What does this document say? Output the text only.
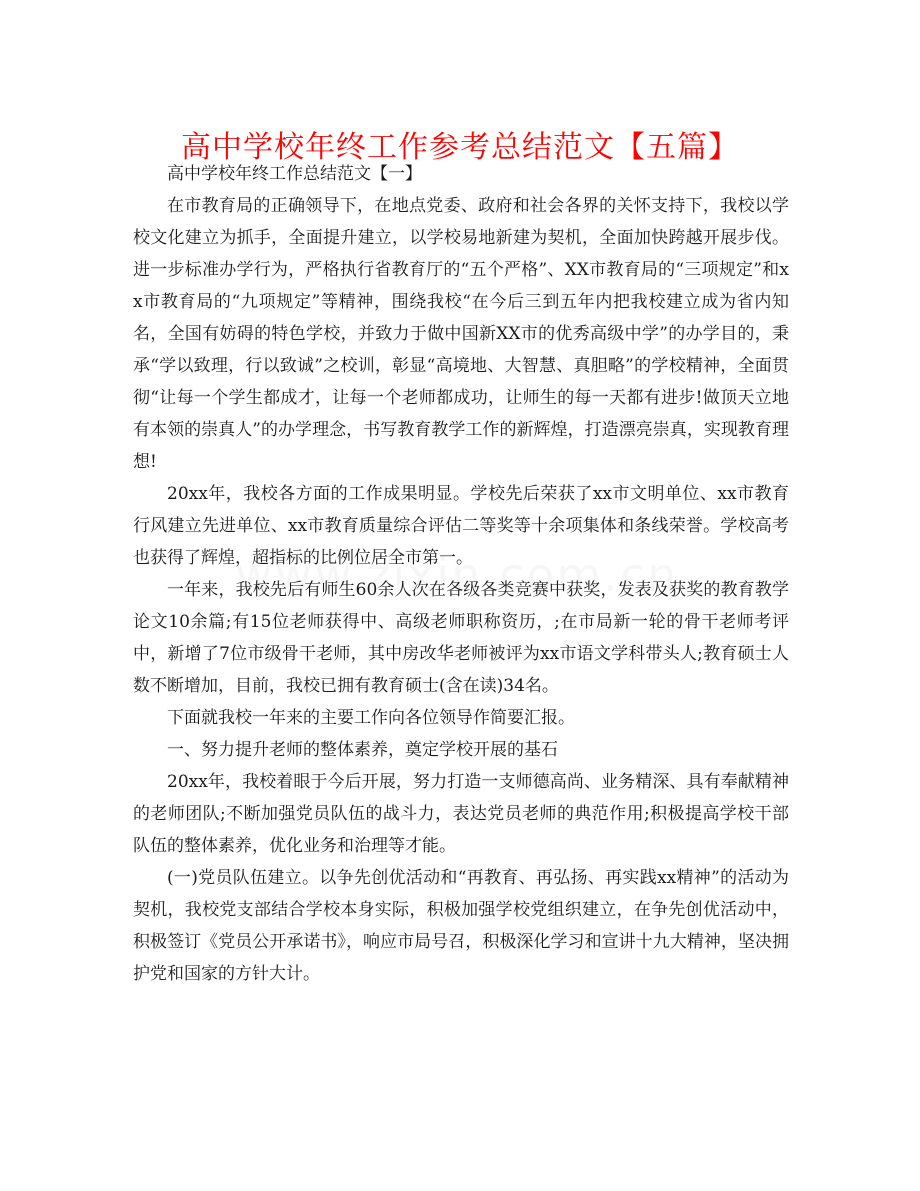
高中学校年终工作参考总结范文【五篇】

高中学校年终工作总结范文【一】

在市教育局的正确领导下，在地点党委、政府和社会各界的关怀支持下，我校以学校文化建立为抓手，全面提升建立，以学校易地新建为契机，全面加快跨越开展步伐。进一步标准办学行为，严格执行省教育厅的“五个严格”、XX市教育局的“三项规定”和xx市教育局的“九项规定”等精神，围绕我校“在今后三到五年内把我校建立成为省内知名，全国有妨碍的特色学校，并致力于做中国新XX市的优秀高级中学”的办学目的，秉承“学以致理，行以致诚”之校训，彰显“高境地、大智慧、真胆略”的学校精神，全面贯彻“让每一个学生都成才，让每一个老师都成功，让师生的每一天都有进步!做顶天立地有本领的崇真人”的办学理念，书写教育教学工作的新辉煌，打造漂亮崇真，实现教育理想!

20xx年，我校各方面的工作成果明显。学校先后荣获了xx市文明单位、xx市教育行风建立先进单位、xx市教育质量综合评估二等奖等十余项集体和条线荣誉。学校高考也获得了辉煌，超指标的比例位居全市第一。

一年来，我校先后有师生60余人次在各级各类竞赛中获奖，发表及获奖的教育教学论文10余篇;有15位老师获得中、高级老师职称资历，;在市局新一轮的骨干老师考评中，新增了7位市级骨干老师，其中房改华老师被评为xx市语文学科带头人;教育硕士人数不断增加，目前，我校已拥有教育硕士(含在读)34名。

下面就我校一年来的主要工作向各位领导作简要汇报。

一、努力提升老师的整体素养，奠定学校开展的基石

20xx年，我校着眼于今后开展，努力打造一支师德高尚、业务精深、具有奉献精神的老师团队;不断加强党员队伍的战斗力，表达党员老师的典范作用;积极提高学校干部队伍的整体素养，优化业务和治理等才能。

(一)党员队伍建立。以争先创优活动和“再教育、再弘扬、再实践xx精神”的活动为契机，我校党支部结合学校本身实际，积极加强学校党组织建立，在争先创优活动中，积极签订《党员公开承诺书》，响应市局号召，积极深化学习和宣讲十九大精神，坚决拥护党和国家的方针大计。
